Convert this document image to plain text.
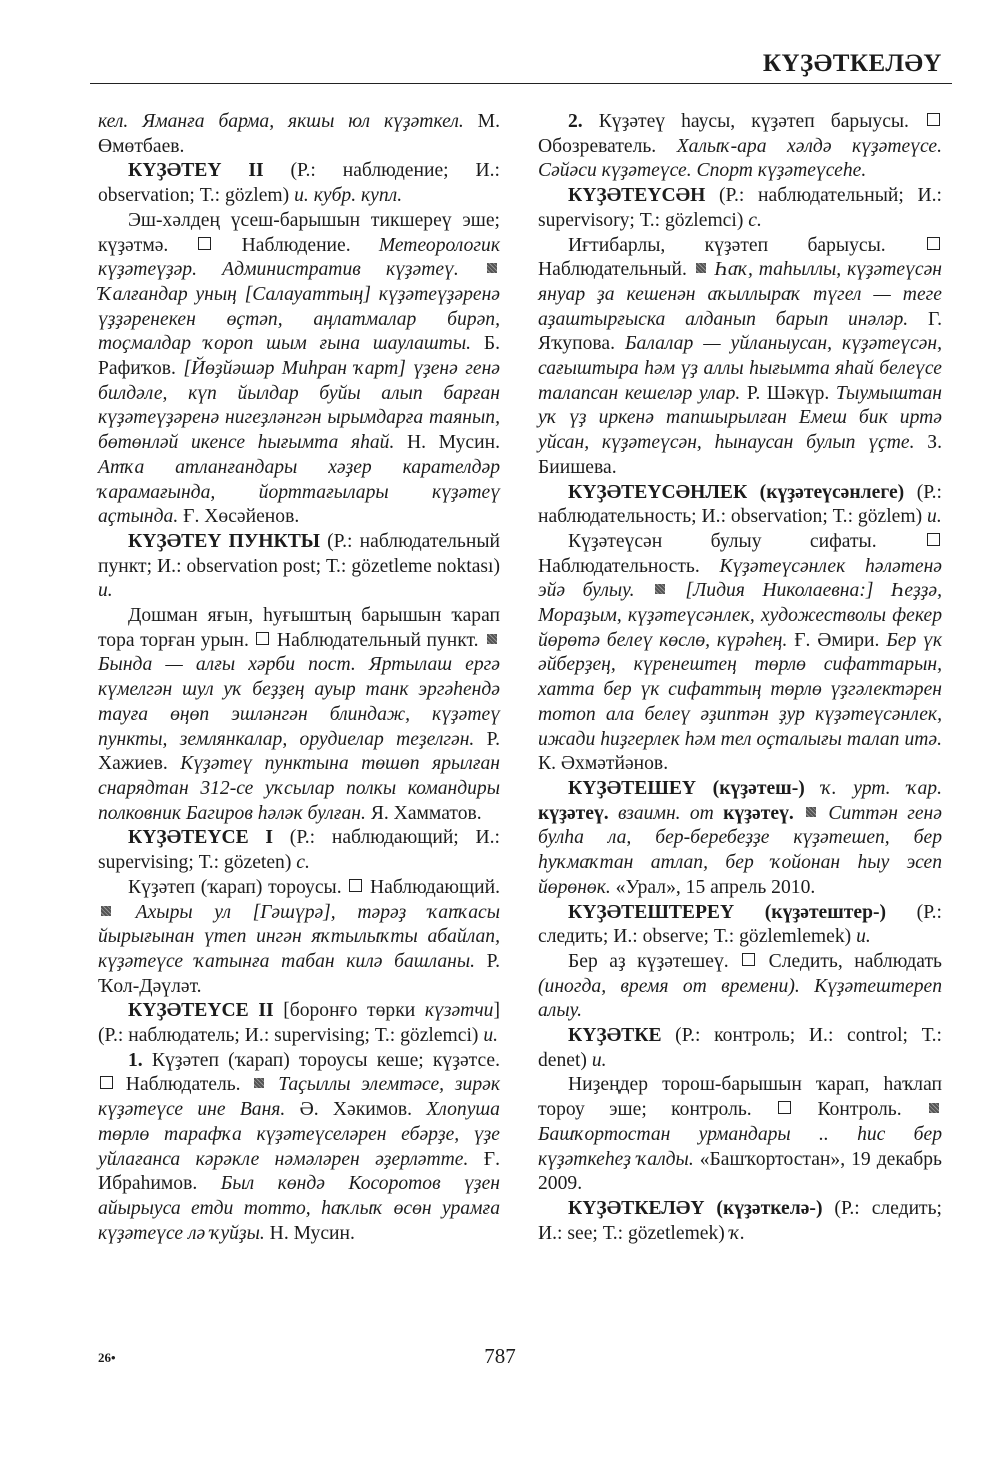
КҮҘӘТКЕЛӘҮ

кел. Яманға барма, якшы юл күҙәткел. М. Өмөтбаев.

КҮҘӘТЕҮ II (Р.: наблюдение; И.: observation; Т.: gözlem) и. кубр. купл.

Эш-хәлдең үсеш-барышын тикшереү эше; күҙәтмә.  Наблюдение. Метеорологик күҙәтеүҙәр. Административ күҙәтеү.  Ҡалғандар уның [Салауаттың] күҙәтеүҙәренә үҙҙәренекен өҫтәп, аңлатмалар бирәп, тоҫмалдар ҡороп шым ғына шаулашты. Б. Рафиҡов. [Йөҙйәшәр Миһран ҡарт] үҙенә генә билдәле, күп йылдар буйы алып барған күҙәтеүҙәренә нигеҙләнгән ырымдарға таянып, бөтөнләй икенсе һығымта яһай. Н. Мусин. Атҡа атланғандары хәҙер карателдәр ҡарамағында, йорттағылары күҙәтеү аҫтында. Ғ. Хөсәйенов.

КҮҘӘТЕҮ ПУНКТЫ (Р.: наблюдательный пункт; И.: observation post; Т.: gözetleme noktası) и.

Дошман яғын, һуғыштың барышын ҡарап тора торған урын.  Наблюдательный пункт.  Бында — алғы хәрби пост. Яртылаш ергә күмелгән шул уҡ беҙҙең ауыр танк эргәһендә тауға өңөп эшләнгән блиндаж, күҙәтеү пункты, землянкалар, орудиелар теҙелгән. Р. Хажиев. Күҙәтеү пунктына төшөп ярылған снарядтан 312-се уҡсылар полкы командиры полковник Багиров һәләк булған. Я. Хамматов.

КҮҘӘТЕҮСЕ I (Р.: наблюдающий; И.: supervising; Т.: gözeten) с.

Күҙәтеп (ҡарап) тороусы.  Наблюдающий.  Ахыры ул [Гәшүрә], тәрәҙ ҡапҡасы йырығынан үтеп ингән яҡтылыҡты абайлап, күҙәтеүсе ҡатынға табан килә башланы. Р. Ҡол-Дәүләт.

КҮҘӘТЕҮСЕ II [боронғо төрки күзәтчи] (Р.: наблюдатель; И.: supervising; Т.: gözlemci) и.

1. Күҙәтеп (ҡарап) тороусы кеше; күҙәтсе.  Наблюдатель.  Таҫыллы элемтәсе, зирәк күҙәтеүсе ине Ваня. Ә. Хәкимов. Хлопуша төрлө тарафҡа күҙәтеүселәрен ебәрҙе, үҙе уйлағанса кәрәкле нәмәләрен әҙерләтте. Ғ. Ибраһимов. Был көндә Косоротов үҙен айырыуса етди тотто, һаҡлыҡ өсөн урамға күҙәтеүсе лә ҡуйҙы. Н. Мусин.

2. Күҙәтеү һаусы, күҙәтеп барыусы.  Обозреватель. Халыҡ-ара хәлдә күҙәтеүсе. Сәйәси күҙәтеүсе. Спорт күҙәтеүсеһе.

КҮҘӘТЕҮСӘН (Р.: наблюдательный; И.: supervisory; Т.: gözlemci) с.

Иғтибарлы, күҙәтеп барыусы.  Наблюдательный.  Һаҡ, таһыллы, күҙәтеүсән януар ҙа кешенән аҡыллыраҡ түгел — теге аҙаштырғыска алданып барып инәләр. Г. Яҡупова. Балалар — уйланыусан, күҙәтеүсән, сағыштыра һәм үҙ аллы һығымта яһай белеүсе талапсан кешеләр улар. Р. Шәкүр. Тыумыштан уҡ үҙ иркенә тапшырылған Емеш бик иртә уйсан, күҙәтеүсән, һынаусан булып үҫте. З. Биишева.

КҮҘӘТЕҮСӘНЛЕК (күҙәтеүсәнлеге) (Р.: наблюдательность; И.: observation; Т.: gözlem) и.

Күҙәтеүсән булыу сифаты.  Наблюдательность. Күҙәтеүсәнлек һәләтенә эйә булыу.  [Лидия Николаевна:] Һеҙҙә, Мораҙым, күҙәтеүсәнлек, художестволы фекер йөрөтә белеү көслө, күрәһең. Ғ. Әмири. Бер үк әйберҙең, күренештең төрлө сифаттарын, хатта бер үк сифаттың төрлө үҙгәлектәрен тотоп ала белеү әҙиптән ҙур күҙәтеүсәнлек, ижади һиҙгерлек һәм тел оҫталығы талап итә. К. Әхмәтйәнов.

КҮҘӘТЕШЕҮ (күҙәтеш-) ҡ. урт. ҡар. күҙәтеү. взаимн. от күҙәтеү.  Ситтән генә булһа ла, бер-беребеҙҙе күҙәтешеп, бер һуҡмаҡтан атлап, бер ҡойонан һыу эсеп йөрөнөк. «Урал», 15 апрель 2010.

КҮҘӘТЕШТЕРЕҮ (күҙәтештер-) (Р.: следить; И.: observe; Т.: gözlemlemek) и.

Бер аҙ күҙәтешеү.  Следить, наблюдать (иногда, время от времени). Күҙәтештереп алыу.

КҮҘӘТКЕ (Р.: контроль; И.: control; Т.: denet) и.

Ниҙеңдер торош-барышын ҡарап, һаҡлап тороу эше; контроль.  Контроль.  Башҡортостан урмандары .. һис бер күҙәткеһеҙ ҡалды. «Башҡортостан», 19 декабрь 2009.

КҮҘӘТКЕЛӘҮ (күҙәткелә-) (Р.: следить; И.: see; Т.: gözetlemek) ҡ.

26•	787
